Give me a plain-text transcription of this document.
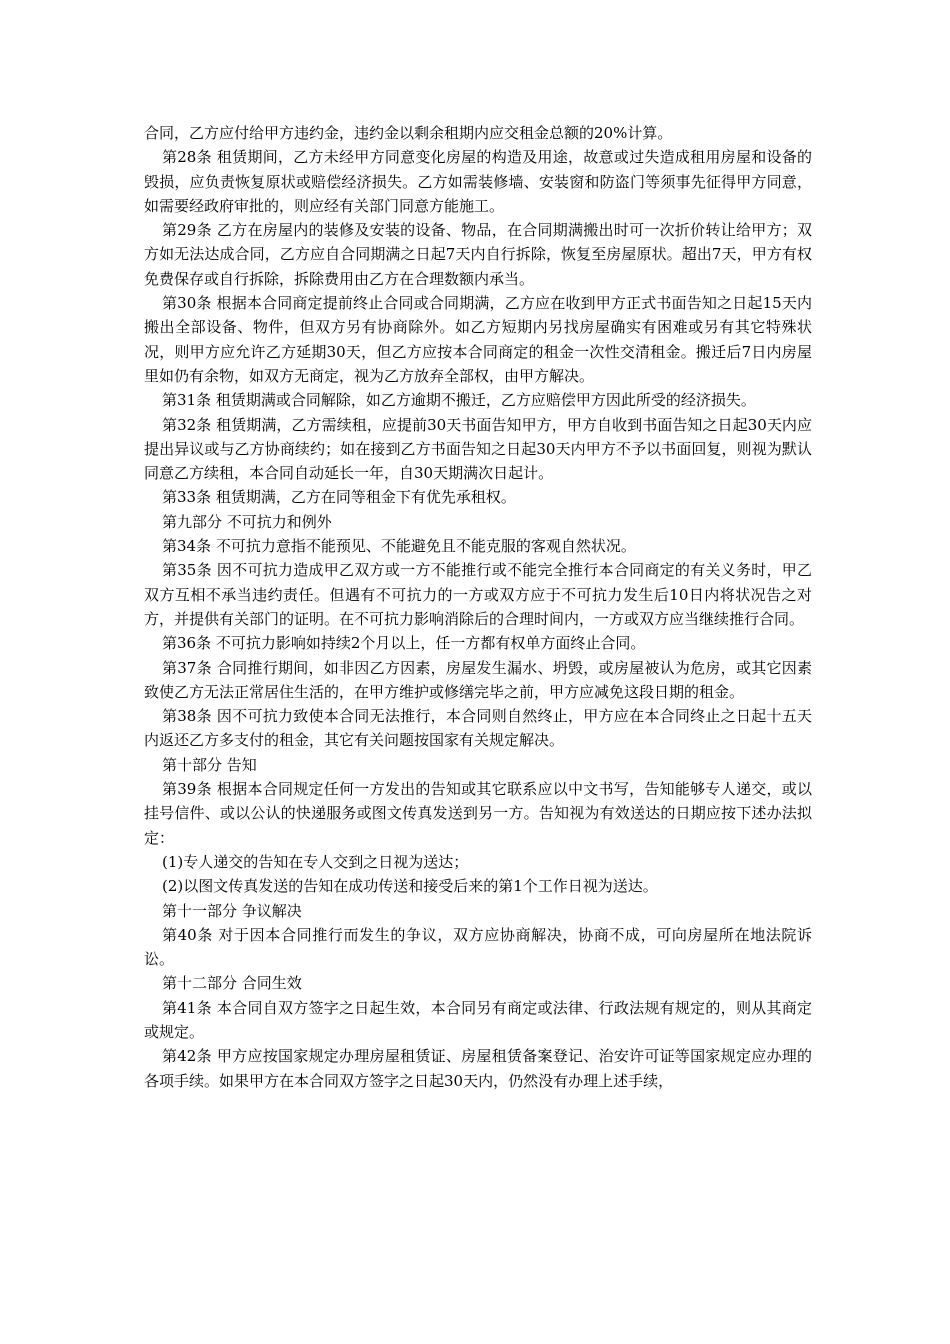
合同，乙方应付给甲方违约金，违约金以剩余租期内应交租金总额的20%计算。

第28条 租赁期间，乙方未经甲方同意变化房屋的构造及用途，故意或过失造成租用房屋和设备的毁损，应负责恢复原状或赔偿经济损失。乙方如需装修墙、安装窗和防盗门等须事先征得甲方同意，如需要经政府审批的，则应经有关部门同意方能施工。

第29条 乙方在房屋内的装修及安装的设备、物品，在合同期满搬出时可一次折价转让给甲方；双方如无法达成合同，乙方应自合同期满之日起7天内自行拆除，恢复至房屋原状。超出7天，甲方有权免费保存或自行拆除，拆除费用由乙方在合理数额内承当。

第30条 根据本合同商定提前终止合同或合同期满，乙方应在收到甲方正式书面告知之日起15天内搬出全部设备、物件，但双方另有协商除外。如乙方短期内另找房屋确实有困难或另有其它特殊状况，则甲方应允许乙方延期30天，但乙方应按本合同商定的租金一次性交清租金。搬迁后7日内房屋里如仍有余物，如双方无商定，视为乙方放弃全部权，由甲方解决。

第31条 租赁期满或合同解除，如乙方逾期不搬迁，乙方应赔偿甲方因此所受的经济损失。

第32条 租赁期满，乙方需续租，应提前30天书面告知甲方，甲方自收到书面告知之日起30天内应提出异议或与乙方协商续约；如在接到乙方书面告知之日起30天内甲方不予以书面回复，则视为默认同意乙方续租，本合同自动延长一年，自30天期满次日起计。

第33条 租赁期满，乙方在同等租金下有优先承租权。

第九部分 不可抗力和例外

第34条 不可抗力意指不能预见、不能避免且不能克服的客观自然状况。

第35条 因不可抗力造成甲乙双方或一方不能推行或不能完全推行本合同商定的有关义务时，甲乙双方互相不承当违约责任。但遇有不可抗力的一方或双方应于不可抗力发生后10日内将状况告之对方，并提供有关部门的证明。在不可抗力影响消除后的合理时间内，一方或双方应当继续推行合同。

第36条 不可抗力影响如持续2个月以上，任一方都有权单方面终止合同。

第37条 合同推行期间，如非因乙方因素，房屋发生漏水、坍毁，或房屋被认为危房，或其它因素致使乙方无法正常居住生活的，在甲方维护或修缮完毕之前，甲方应减免这段日期的租金。

第38条 因不可抗力致使本合同无法推行，本合同则自然终止，甲方应在本合同终止之日起十五天内返还乙方多支付的租金，其它有关问题按国家有关规定解决。

第十部分 告知

第39条 根据本合同规定任何一方发出的告知或其它联系应以中文书写，告知能够专人递交，或以挂号信件、或以公认的快递服务或图文传真发送到另一方。告知视为有效送达的日期应按下述办法拟定：

(1)专人递交的告知在专人交到之日视为送达；

(2)以图文传真发送的告知在成功传送和接受后来的第1个工作日视为送达。

第十一部分 争议解决

第40条 对于因本合同推行而发生的争议，双方应协商解决，协商不成，可向房屋所在地法院诉讼。

第十二部分 合同生效

第41条 本合同自双方签字之日起生效，本合同另有商定或法律、行政法规有规定的，则从其商定或规定。

第42条 甲方应按国家规定办理房屋租赁证、房屋租赁备案登记、治安许可证等国家规定应办理的各项手续。如果甲方在本合同双方签字之日起30天内，仍然没有办理上述手续，
